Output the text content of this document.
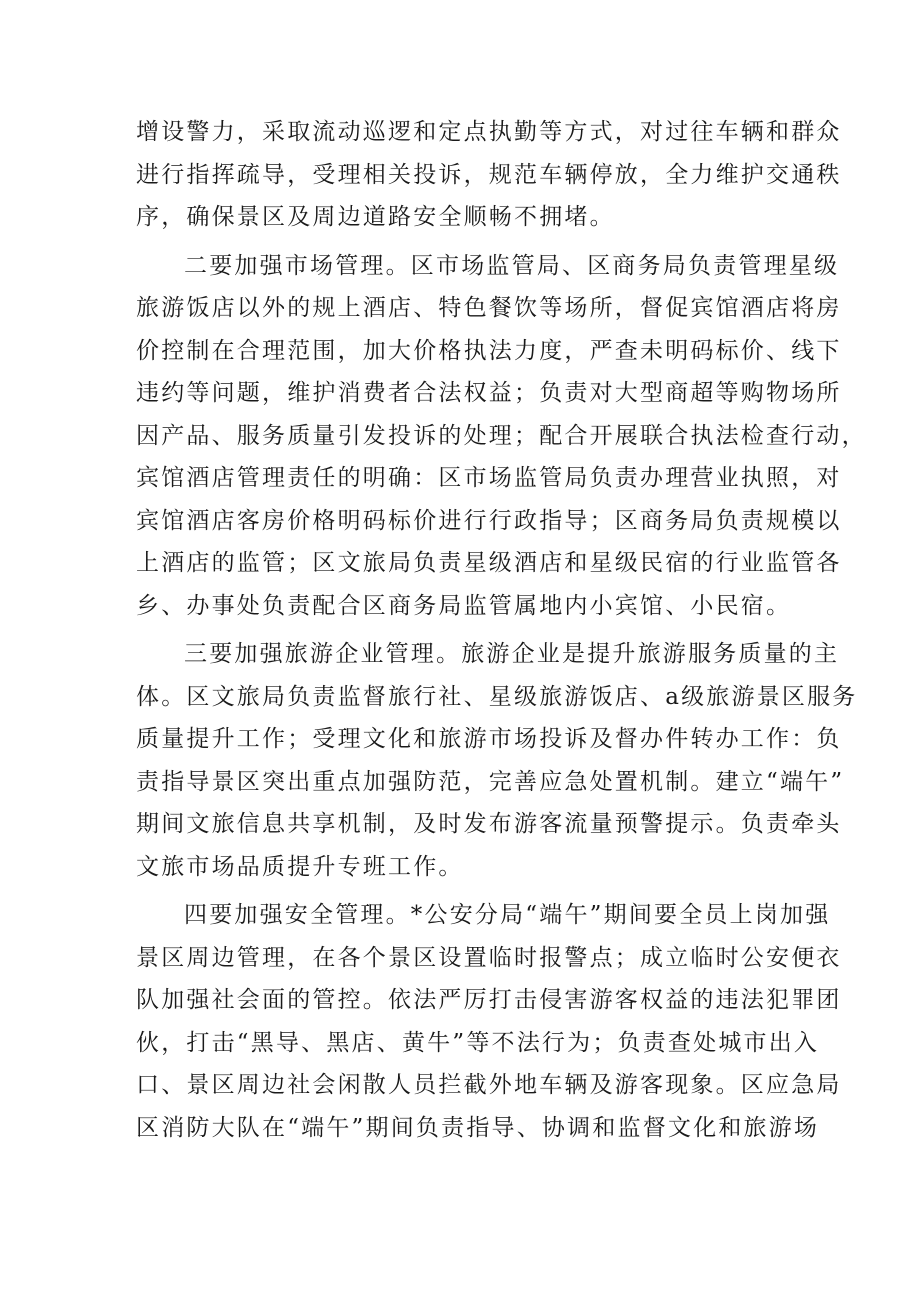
增设警力，采取流动巡逻和定点执勤等方式，对过往车辆和群众
进行指挥疏导，受理相关投诉，规范车辆停放，全力维护交通秩
序，确保景区及周边道路安全顺畅不拥堵。
二要加强市场管理。区市场监管局、区商务局负责管理星级
旅游饭店以外的规上酒店、特色餐饮等场所，督促宾馆酒店将房
价控制在合理范围，加大价格执法力度，严查未明码标价、线下
违约等问题，维护消费者合法权益；负责对大型商超等购物场所
因产品、服务质量引发投诉的处理；配合开展联合执法检查行动，
宾馆酒店管理责任的明确：区市场监管局负责办理营业执照，对
宾馆酒店客房价格明码标价进行行政指导；区商务局负责规模以
上酒店的监管；区文旅局负责星级酒店和星级民宿的行业监管各
乡、办事处负责配合区商务局监管属地内小宾馆、小民宿。
三要加强旅游企业管理。旅游企业是提升旅游服务质量的主
体。区文旅局负责监督旅行社、星级旅游饭店、a级旅游景区服务
质量提升工作；受理文化和旅游市场投诉及督办件转办工作：负
责指导景区突出重点加强防范，完善应急处置机制。建立“端午”
期间文旅信息共享机制，及时发布游客流量预警提示。负责牵头
文旅市场品质提升专班工作。
四要加强安全管理。*公安分局“端午”期间要全员上岗加强
景区周边管理，在各个景区设置临时报警点；成立临时公安便衣
队加强社会面的管控。依法严厉打击侵害游客权益的违法犯罪团
伙，打击“黑导、黑店、黄牛”等不法行为；负责查处城市出入
口、景区周边社会闲散人员拦截外地车辆及游客现象。区应急局
区消防大队在“端午”期间负责指导、协调和监督文化和旅游场
